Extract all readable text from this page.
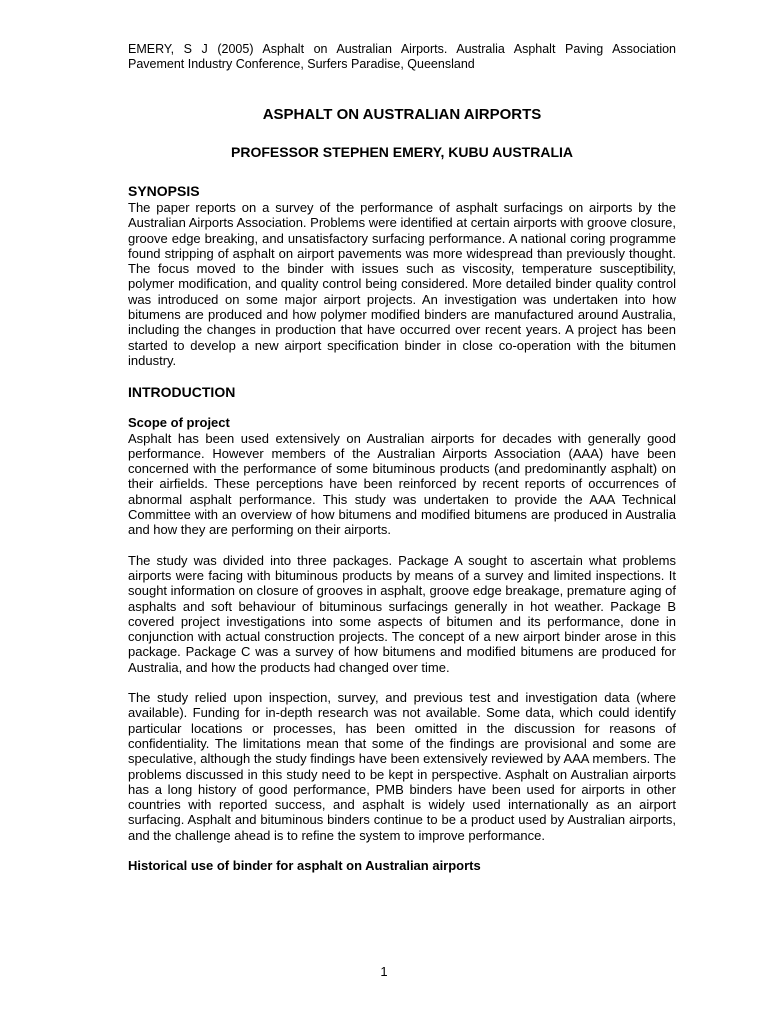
EMERY, S J (2005) Asphalt on Australian Airports. Australia Asphalt Paving Association

Pavement Industry Conference, Surfers Paradise, Queensland

ASPHALT ON AUSTRALIAN AIRPORTS
PROFESSOR STEPHEN EMERY, KUBU AUSTRALIA
SYNOPSIS

The paper reports on a survey of the performance of asphalt surfacings on airports by the Australian Airports Association. Problems were identified at certain airports with groove closure, groove edge breaking, and unsatisfactory surfacing performance. A national coring programme found stripping of asphalt on airport pavements was more widespread than previously thought. The focus moved to the binder with issues such as viscosity, temperature susceptibility, polymer modification, and quality control being considered. More detailed binder quality control was introduced on some major airport projects. An investigation was undertaken into how bitumens are produced and how polymer modified binders are manufactured around Australia, including the changes in production that have occurred over recent years. A project has been started to develop a new airport specification binder in close co-operation with the bitumen industry.

INTRODUCTION
Scope of project

Asphalt has been used extensively on Australian airports for decades with generally good performance. However members of the Australian Airports Association (AAA) have been concerned with the performance of some bituminous products (and predominantly asphalt) on their airfields. These perceptions have been reinforced by recent reports of occurrences of abnormal asphalt performance. This study was undertaken to provide the AAA Technical Committee with an overview of how bitumens and modified bitumens are produced in Australia and how they are performing on their airports.

The study was divided into three packages. Package A sought to ascertain what problems airports were facing with bituminous products by means of a survey and limited inspections. It sought information on closure of grooves in asphalt, groove edge breakage, premature aging of asphalts and soft behaviour of bituminous surfacings generally in hot weather. Package B covered project investigations into some aspects of bitumen and its performance, done in conjunction with actual construction projects. The concept of a new airport binder arose in this package. Package C was a survey of how bitumens and modified bitumens are produced for Australia, and how the products had changed over time.

The study relied upon inspection, survey, and previous test and investigation data (where available). Funding for in-depth research was not available. Some data, which could identify particular locations or processes, has been omitted in the discussion for reasons of confidentiality. The limitations mean that some of the findings are provisional and some are speculative, although the study findings have been extensively reviewed by AAA members. The problems discussed in this study need to be kept in perspective. Asphalt on Australian airports has a long history of good performance, PMB binders have been used for airports in other countries with reported success, and asphalt is widely used internationally as an airport surfacing. Asphalt and bituminous binders continue to be a product used by Australian airports, and the challenge ahead is to refine the system to improve performance.

Historical use of binder for asphalt on Australian airports
1
